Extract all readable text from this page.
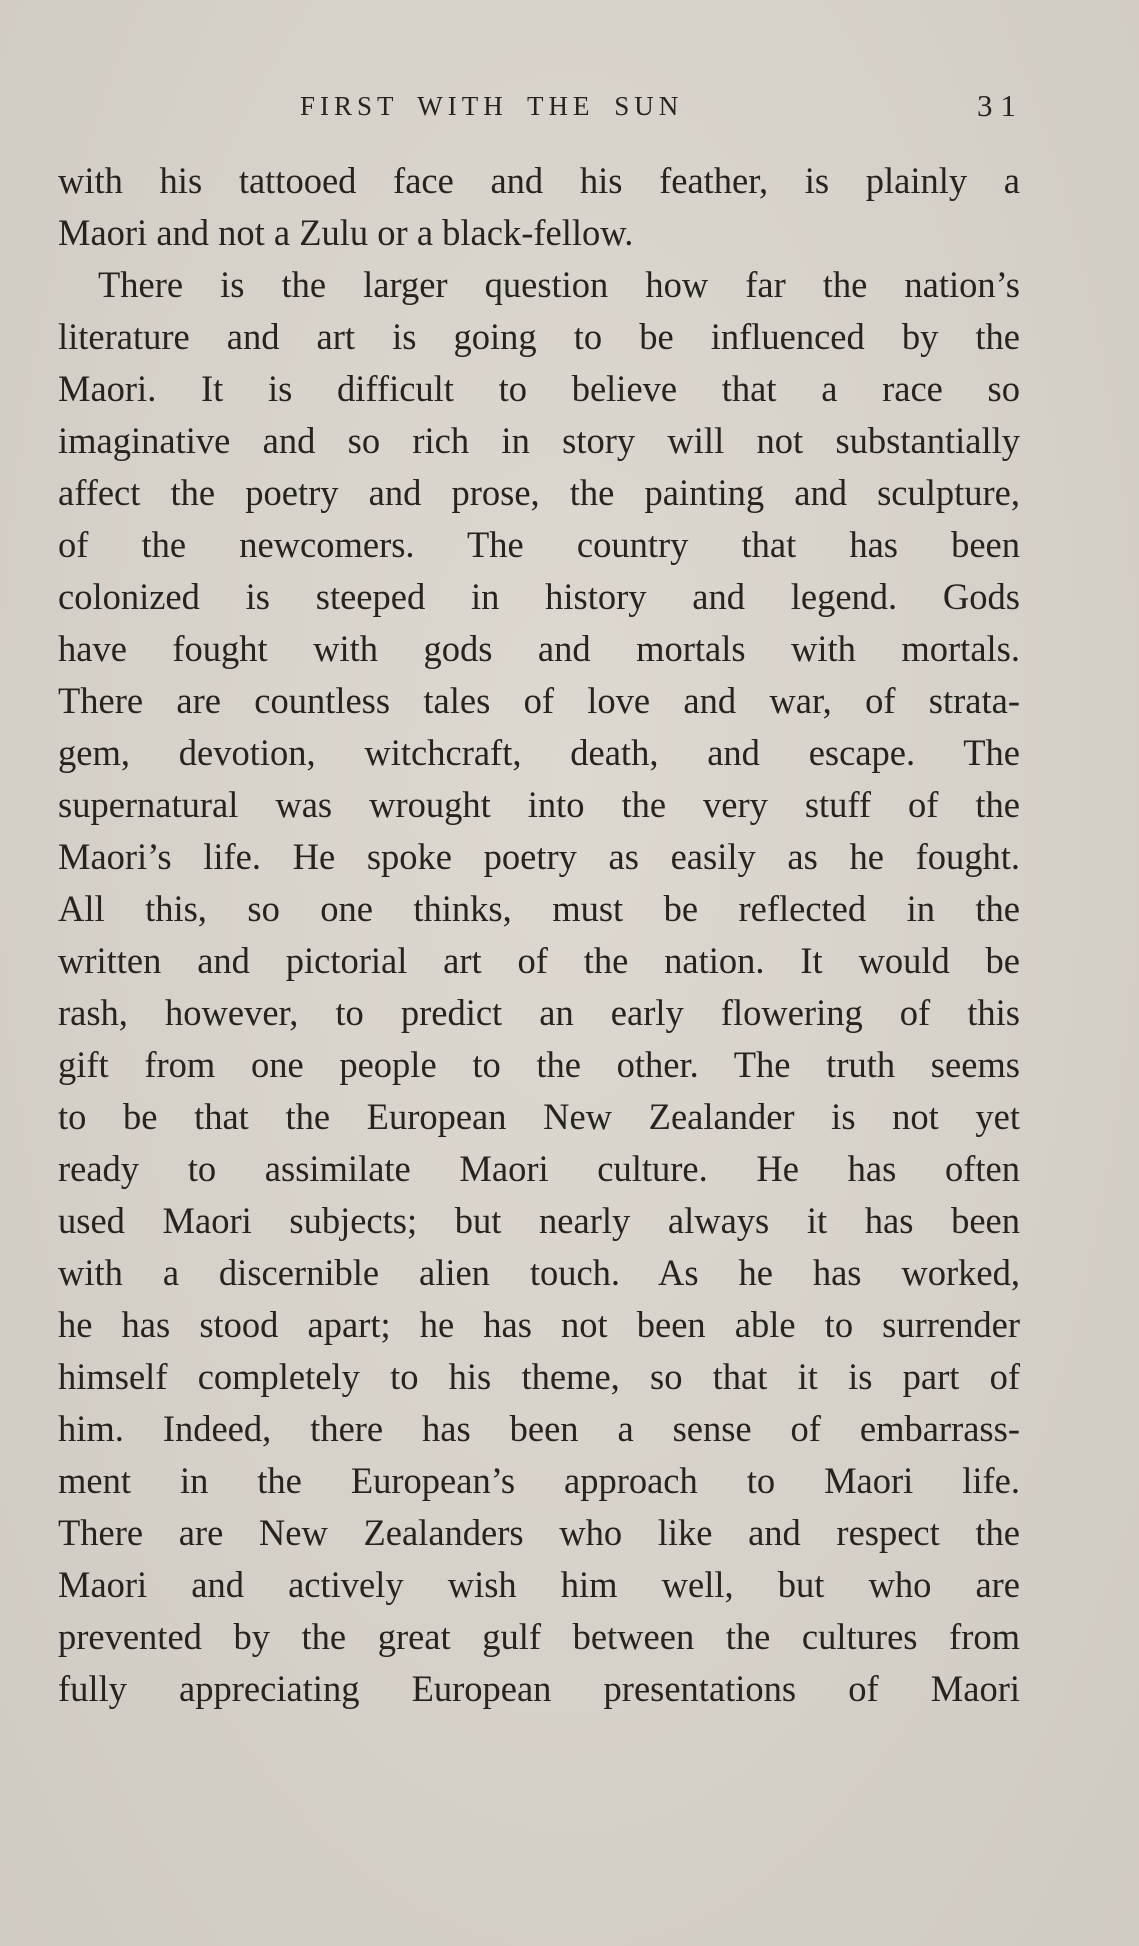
FIRST WITH THE SUN	31
with his tattooed face and his feather, is plainly a
Maori and not a Zulu or a black-fellow.
There is the larger question how far the nation’s
literature and art is going to be influenced by the
Maori. It is difficult to believe that a race so
imaginative and so rich in story will not substantially
affect the poetry and prose, the painting and sculpture,
of the newcomers. The country that has been
colonized is steeped in history and legend. Gods
have fought with gods and mortals with mortals.
There are countless tales of love and war, of strata-
gem, devotion, witchcraft, death, and escape. The
supernatural was wrought into the very stuff of the
Maori’s life. He spoke poetry as easily as he fought.
All this, so one thinks, must be reflected in the
written and pictorial art of the nation. It would be
rash, however, to predict an early flowering of this
gift from one people to the other. The truth seems
to be that the European New Zealander is not yet
ready to assimilate Maori culture. He has often
used Maori subjects; but nearly always it has been
with a discernible alien touch. As he has worked,
he has stood apart; he has not been able to surrender
himself completely to his theme, so that it is part of
him. Indeed, there has been a sense of embarrass-
ment in the European’s approach to Maori life.
There are New Zealanders who like and respect the
Maori and actively wish him well, but who are
prevented by the great gulf between the cultures from
fully appreciating European presentations of Maori
